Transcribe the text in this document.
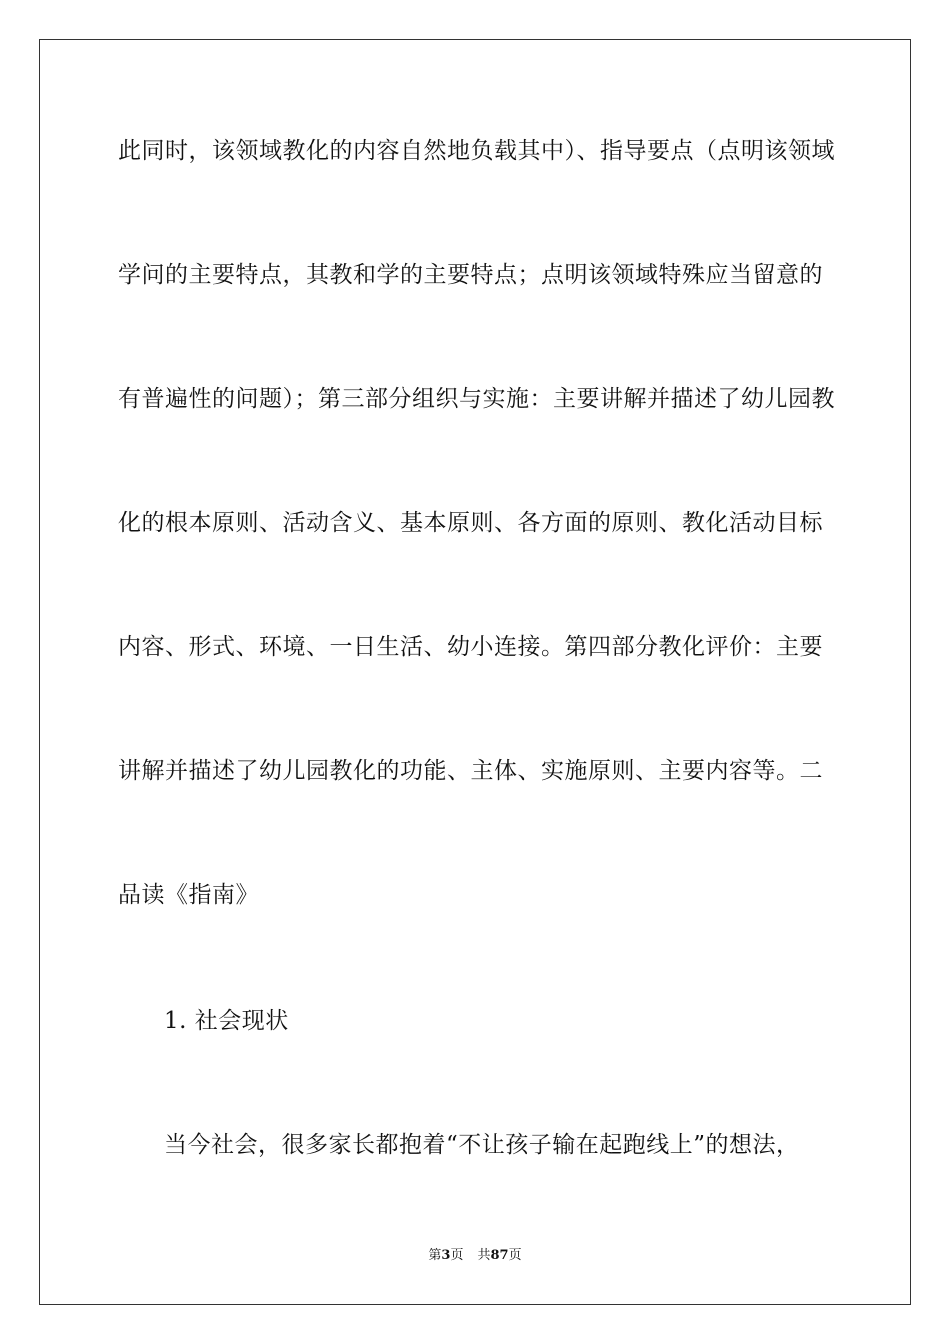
此同时，该领域教化的内容自然地负载其中）、指导要点（点明该领域
学问的主要特点，其教和学的主要特点；点明该领域特殊应当留意的
有普遍性的问题）；第三部分组织与实施：主要讲解并描述了幼儿园教
化的根本原则、活动含义、基本原则、各方面的原则、教化活动目标
内容、形式、环境、一日生活、幼小连接。第四部分教化评价：主要
讲解并描述了幼儿园教化的功能、主体、实施原则、主要内容等。二
品读《指南》
1. 社会现状
当今社会，很多家长都抱着“不让孩子输在起跑线上”的想法，
第3页 共87页
